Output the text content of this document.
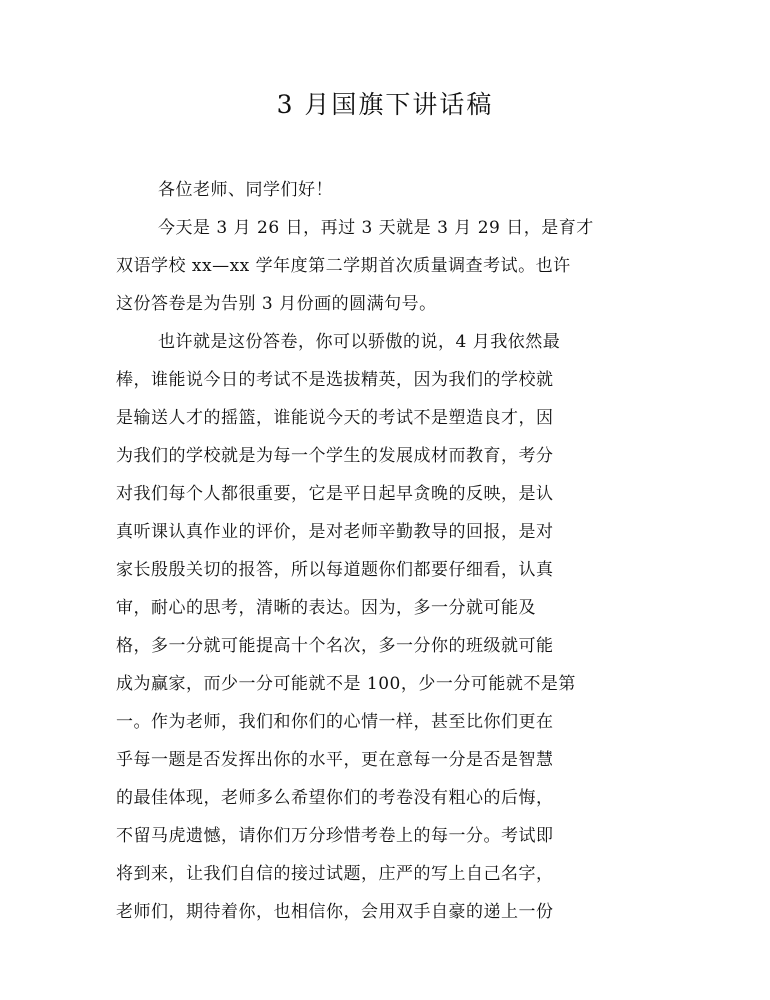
3 月国旗下讲话稿
各位老师、同学们好！
今天是 3 月 26 日，再过 3 天就是 3 月 29 日，是育才
双语学校 xx—xx 学年度第二学期首次质量调查考试。也许
这份答卷是为告别 3 月份画的圆满句号。
也许就是这份答卷，你可以骄傲的说，4 月我依然最
棒，谁能说今日的考试不是选拔精英，因为我们的学校就
是输送人才的摇篮，谁能说今天的考试不是塑造良才，因
为我们的学校就是为每一个学生的发展成材而教育，考分
对我们每个人都很重要，它是平日起早贪晚的反映，是认
真听课认真作业的评价，是对老师辛勤教导的回报，是对
家长殷殷关切的报答，所以每道题你们都要仔细看，认真
审，耐心的思考，清晰的表达。因为，多一分就可能及
格，多一分就可能提高十个名次，多一分你的班级就可能
成为赢家，而少一分可能就不是 100，少一分可能就不是第
一。作为老师，我们和你们的心情一样，甚至比你们更在
乎每一题是否发挥出你的水平，更在意每一分是否是智慧
的最佳体现，老师多么希望你们的考卷没有粗心的后悔，
不留马虎遗憾，请你们万分珍惜考卷上的每一分。考试即
将到来，让我们自信的接过试题，庄严的写上自己名字，
老师们，期待着你，也相信你，会用双手自豪的递上一份
